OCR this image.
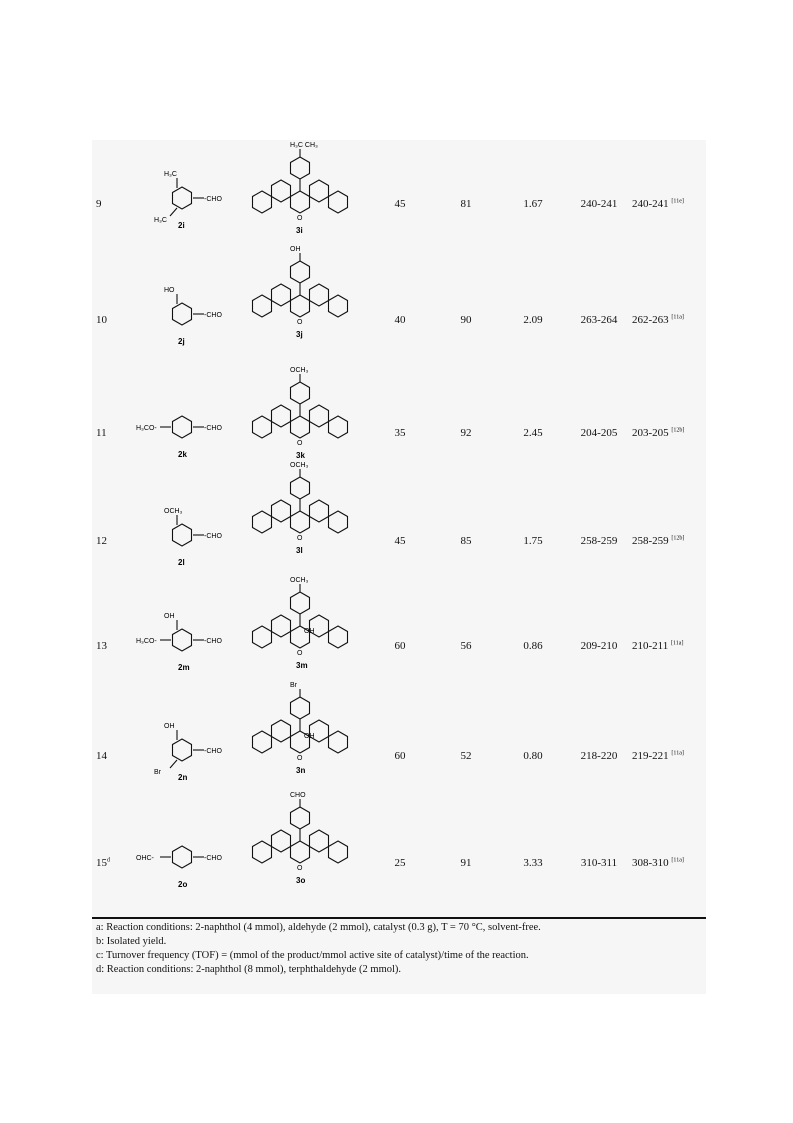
9	-CHO
H₃C
H₃C
2i
H₃C CH₃
O
3i
45	81	1.67	240-241	240-241 [11e]
10	-CHO
HO
2j
OH
O
3j
40	90	2.09	263-264	262-263 [11a]
11	-CHO
H₃CO-
2k
OCH₃
O
3k
35	92	2.45	204-205	203-205 [12b]
12	-CHO
OCH₃
2l
OCH₃
O
3l
45	85	1.75	258-259	258-259 [12b]
13	-CHO
H₃CO-
OH
2m
OCH₃
OH
O
3m
60	56	0.86	209-210	210-211 [11a]
14	-CHO
OH
Br
2n
Br
OH
O
3n
60	52	0.80	218-220	219-221 [11a]
15$^d$	-CHO
OHC-
2o
CHO
O
3o
25	91	3.33	310-311	308-310 [11a]
a: Reaction conditions: 2-naphthol (4 mmol), aldehyde (2 mmol), catalyst (0.3 g), T = 70 °C, solvent-free.
b: Isolated yield.
c: Turnover frequency (TOF) = (mmol of the product/mmol active site of catalyst)/time of the reaction.
d: Reaction conditions: 2-naphthol (8 mmol), terphthaldehyde (2 mmol).
